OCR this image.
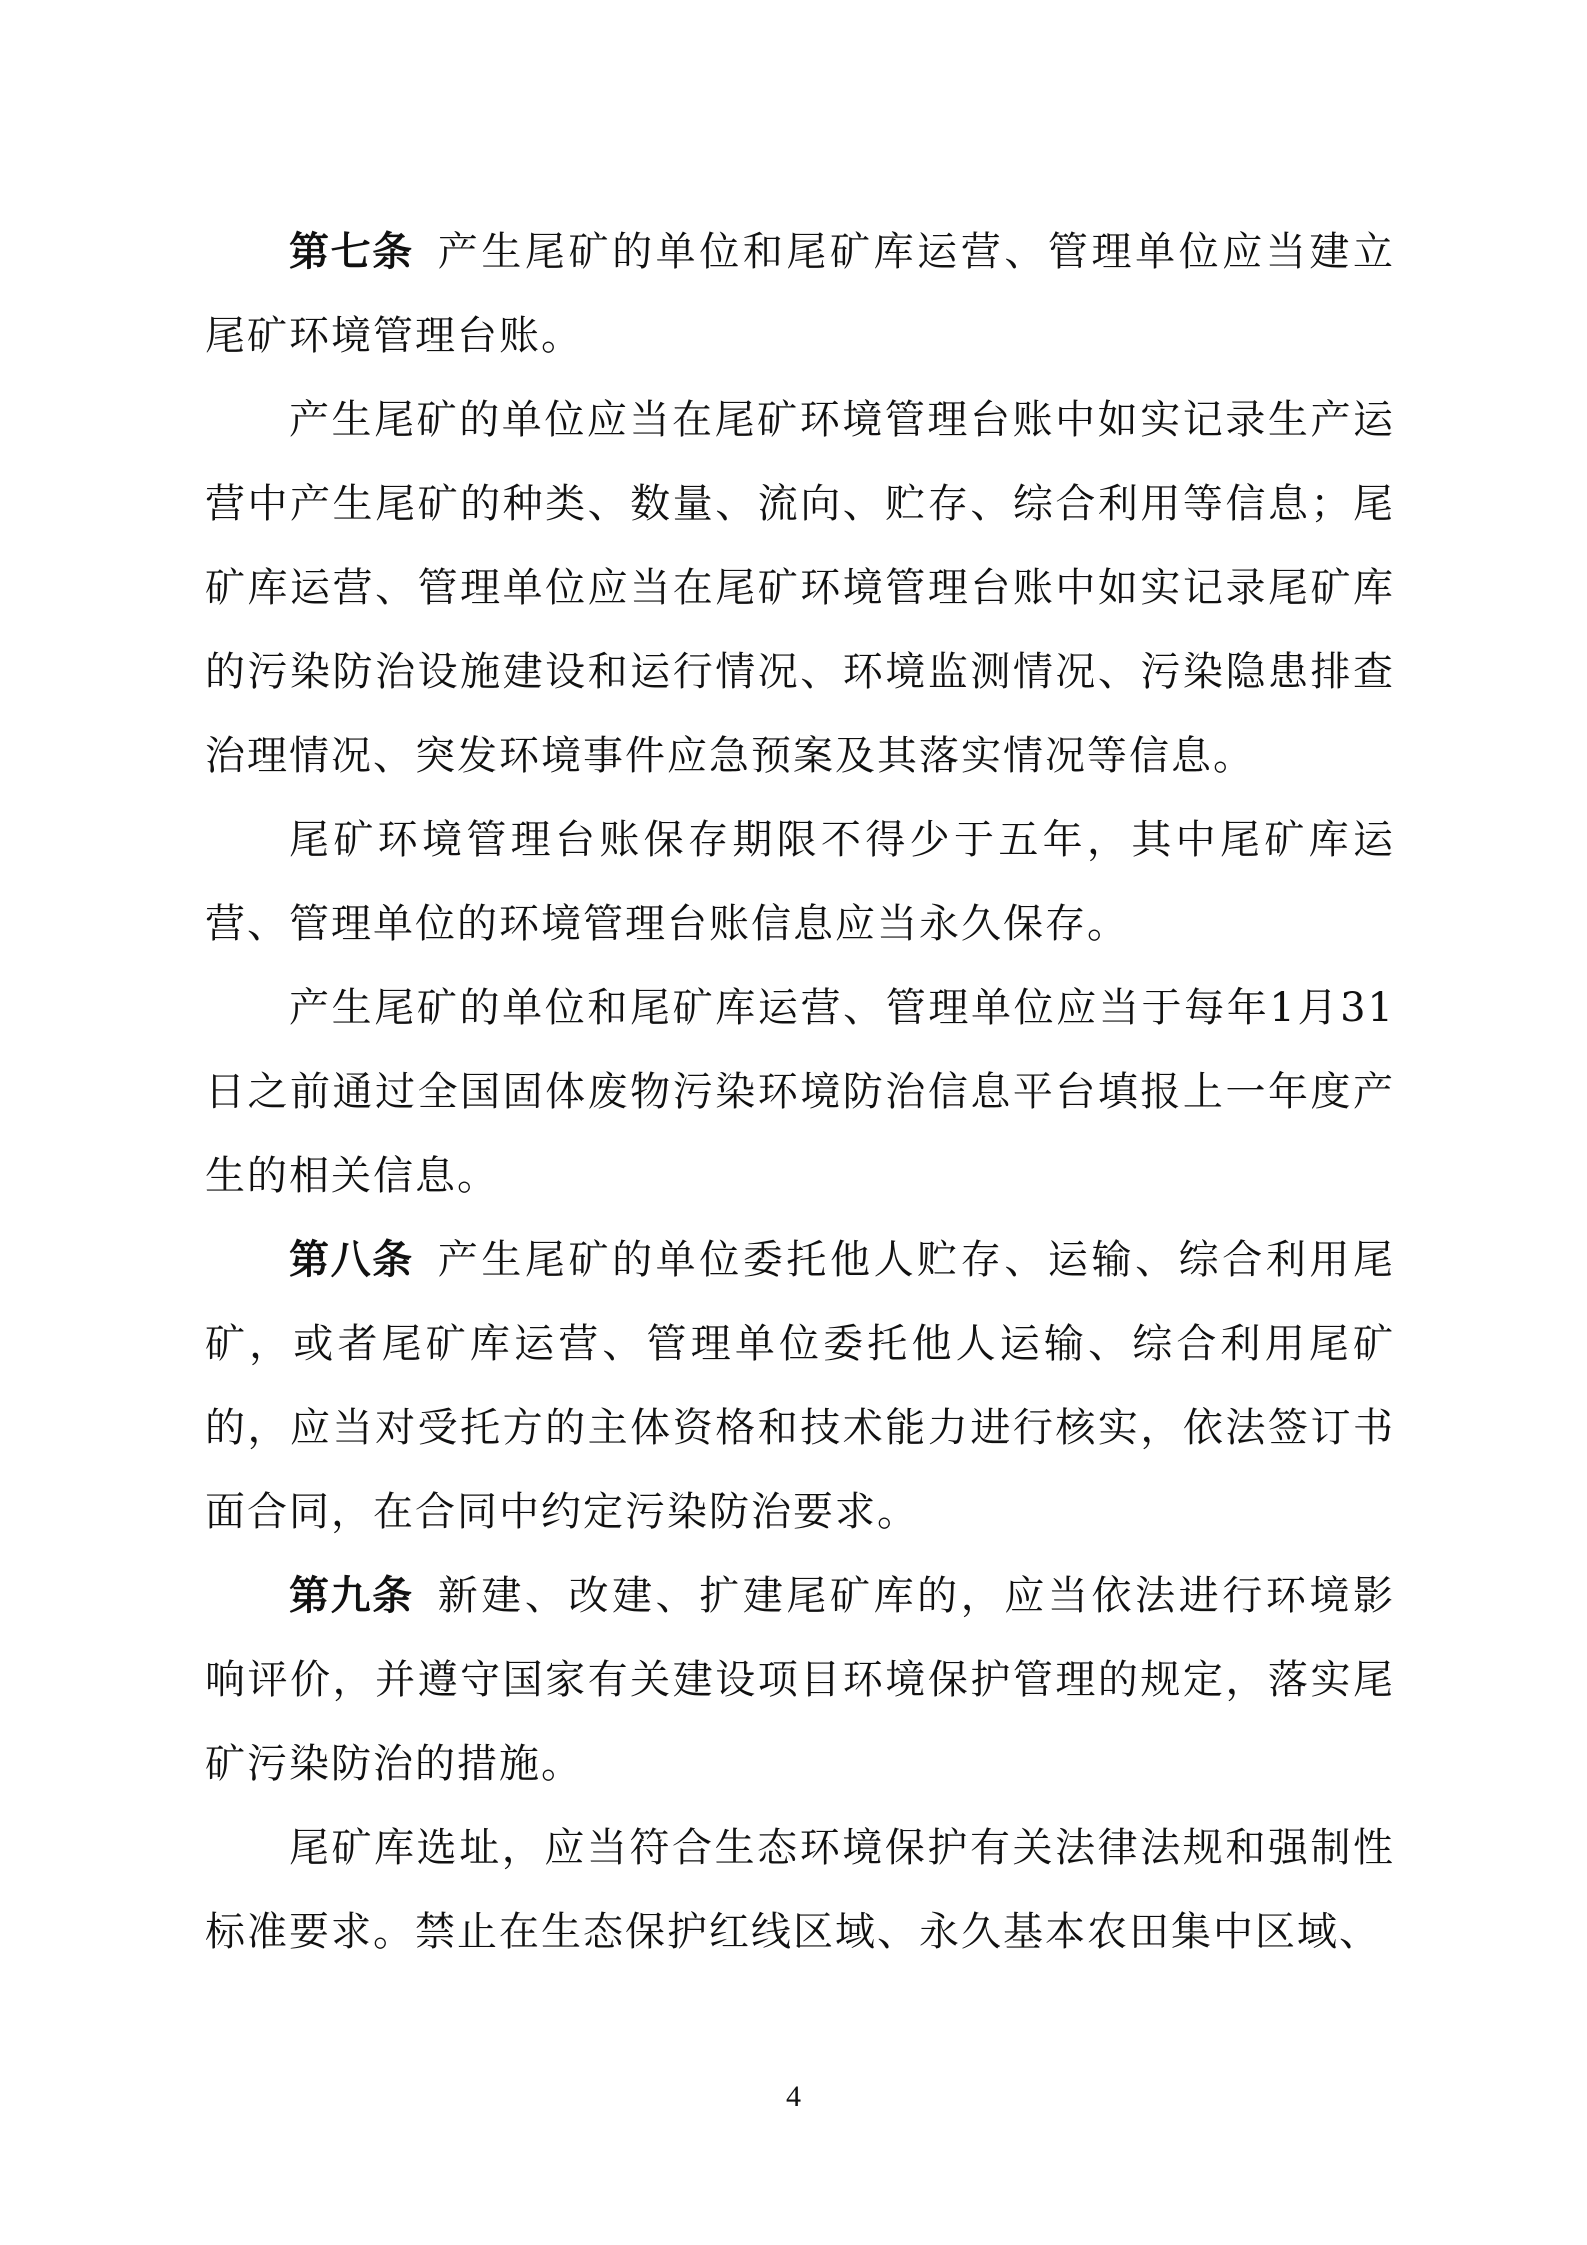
第七条 产生尾矿的单位和尾矿库运营、管理单位应当建立尾矿环境管理台账。

产生尾矿的单位应当在尾矿环境管理台账中如实记录生产运营中产生尾矿的种类、数量、流向、贮存、综合利用等信息；尾矿库运营、管理单位应当在尾矿环境管理台账中如实记录尾矿库的污染防治设施建设和运行情况、环境监测情况、污染隐患排查治理情况、突发环境事件应急预案及其落实情况等信息。

尾矿环境管理台账保存期限不得少于五年，其中尾矿库运营、管理单位的环境管理台账信息应当永久保存。

产生尾矿的单位和尾矿库运营、管理单位应当于每年1月31日之前通过全国固体废物污染环境防治信息平台填报上一年度产生的相关信息。

第八条 产生尾矿的单位委托他人贮存、运输、综合利用尾矿，或者尾矿库运营、管理单位委托他人运输、综合利用尾矿的，应当对受托方的主体资格和技术能力进行核实，依法签订书面合同，在合同中约定污染防治要求。

第九条 新建、改建、扩建尾矿库的，应当依法进行环境影响评价，并遵守国家有关建设项目环境保护管理的规定，落实尾矿污染防治的措施。

尾矿库选址，应当符合生态环境保护有关法律法规和强制性标准要求。禁止在生态保护红线区域、永久基本农田集中区域、

4
